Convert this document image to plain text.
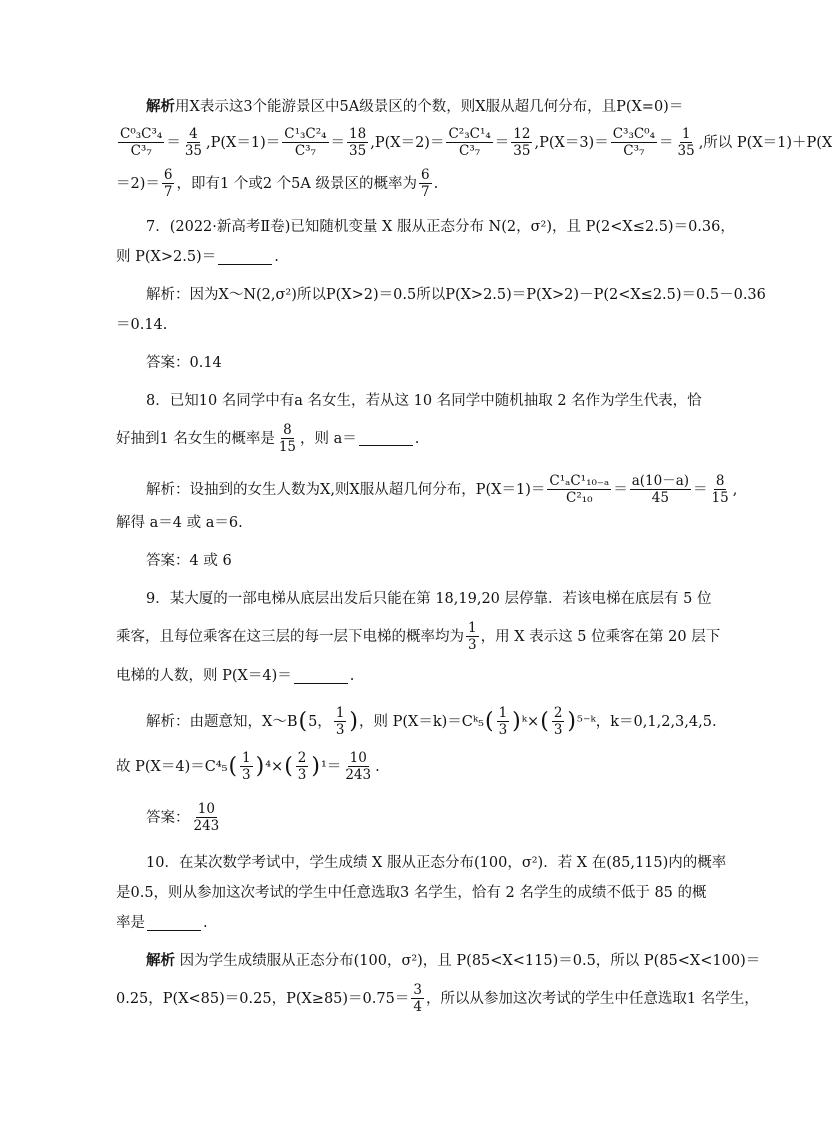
解析 用X表示这3个能游景区中5A级景区的个数，则X服从超几何分布，且P(X=0)＝
$\frac{\text{C⁰₃C³₄}}{\text{C³₇}} = \frac{4}{35} ,P(X=1)= \frac{\text{C¹₃C²₄}}{\text{C³₇}} = \frac{18}{35} ,P(X=2)= \frac{\text{C²₃C¹₄}}{\text{C³₇}} = \frac{12}{35} ,P(X=3)= \frac{\text{C³₃C⁰₄}}{\text{C³₇}} = \frac{1}{35}$ ,所以 P(X＝1)＋P(X
$=2)= \frac{6}{7}$ ，即有1 个或2 个5A 级景区的概率为 $\frac{6}{7}$ .
7．(2022·新高考Ⅱ卷)已知随机变量 X 服从正态分布 N(2，σ²)，且 P(2<X≤2.5)＝0.36，
则 P(X>2.5)＝	.
解析：因为X～N(2,σ²)所以P(X>2)＝0.5所以P(X>2.5)＝P(X>2)－P(2<X≤2.5)＝0.5－0.36
＝0.14.
答案：0.14
8．已知10 名同学中有a 名女生，若从这 10 名同学中随机抽取 2 名作为学生代表，恰
好抽到1 名女生的概率是 $\frac{8}{15}$ ，则 a＝	.
解析：设抽到的女生人数为X,则X服从超几何分布，$P(X=1)= \frac{\text{C¹ₐC¹₁₀₋ₐ}}{\text{C²₁₀}} = \frac{a(10-a)}{45} = \frac{8}{15}$ ,
解得 a＝4 或 a＝6.
答案：4 或 6
9．某大厦的一部电梯从底层出发后只能在第 18,19,20 层停靠．若该电梯在底层有 5 位
乘客，且每位乘客在这三层的每一层下电梯的概率均为 $\frac{1}{3}$ ，用 X 表示这 5 位乘客在第 20 层下
电梯的人数，则 P(X＝4)＝	.
解析：由题意知，X～B ( 5， $\frac{1}{3}$ ) ，则 P(X＝k)＝Cᵏ₅ ( $\frac{1}{3}$ ) ᵏ× ( $\frac{2}{3}$ ) ⁵⁻ᵏ， k＝0,1,2,3,4,5.
故 P(X＝4)＝C⁴₅ ( $\frac{1}{3}$ ) ⁴× ( $\frac{2}{3}$ ) $^1= \frac{10}{243}$ .
答案： $\frac{10}{243}$
10．在某次数学考试中，学生成绩 X 服从正态分布(100，σ²)．若 X 在(85,115)内的概率
是0.5，则从参加这次考试的学生中任意选取3 名学生，恰有 2 名学生的成绩不低于 85 的概
率是	.
解析
因为学生成绩服从正态分布(100，σ²)，且 P(85<X<115)＝0.5，所以 P(85<X<100)＝
0.25，P(X<85)＝0.25，$P(X\ge 85)=0.75= \frac{3}{4}$ ，所以从参加这次考试的学生中任意选取1 名学生，
